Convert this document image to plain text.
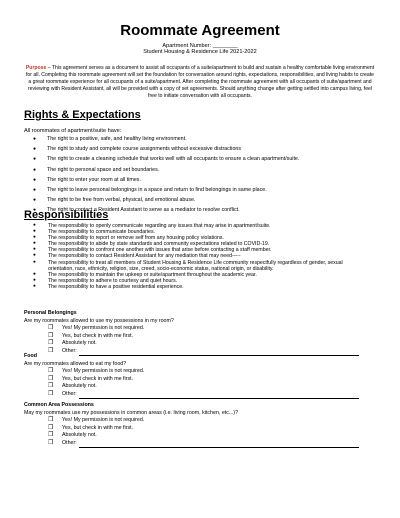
Roommate Agreement
Apartment Number: ________
Student Housing & Residence Life 2021-2022
Purpose – This agreement serves as a document to assist all occupants of a suite/apartment to build and sustain a healthy comfortable living environment for all. Completing this roommate agreement will set the foundation for conversation around rights, expectations, responsibilities, and living habits to create a great roommate experience for all occupants of a suite/apartment. After completing the roommate agreement with all occupants of suite/apartment and reviewing with Resident Assistant, all will be provided with a copy of set agreements. Should anything change after getting settled into campus living, feel free to initiate conversation with all occupants.
Rights & Expectations
All roommates of apartment/suite have:
● The right to a positive, safe, and healthy living environment.
● The right to study and complete course assignments without excessive distractions
● The right to create a cleaning schedule that works well with all occupants to ensure a clean apartment/suite.
● The right to personal space and set boundaries.
● The right to enter your room at all times.
● The right to leave personal belongings in a space and return to find belongings in same place.
● The right to be free from verbal, physical, and emotional abuse.
● The right to contact a Resident Assistant to serve as a mediator to resolve conflict.
Responsibilities
● The responsibility to openly communicate regarding any issues that may arise in apartment/suite.
● The responsibility to communicate boundaries.
● The responsibility to report or remove self from any housing policy violations.
● The responsibility to abide by state standards and community expectations related to COVID-19.
● The responsibility to confront one another with issues that arise before contacting a staff member.
● The responsibility to contact Resident Assistant for any mediation that may need-----
● The responsibility to treat all members of Student Housing & Residence Life community respectfully regardless of gender, sexual orientation, race, ethnicity, religion, size, creed, socio-economic status, national origin, or disability.
● The responsibility to maintain the upkeep or suite/apartment throughout the academic year.
● The responsibility to adhere to courtesy and quiet hours.
● The responsibility to have a positive residential experience.
Personal Belongings
Are my roommates allowed to use my possessions in my room?
❐ Yes! My permission is not required.
❐ Yes, but check in with me first.
❐ Absolutely not.
❐ Other:
Food
Are my roommates allowed to eat my food?
❐ Yes! My permission is not required.
❐ Yes, but check in with me first.
❐ Absolutely not.
❐ Other:
Common Area Possessions
May my roommates use my possessions in common areas (i.e. living room, kitchen, etc...)?
❐ Yes! My permission is not required.
❐ Yes, but check in with me first.
❐ Absolutely not.
❐ Other:
